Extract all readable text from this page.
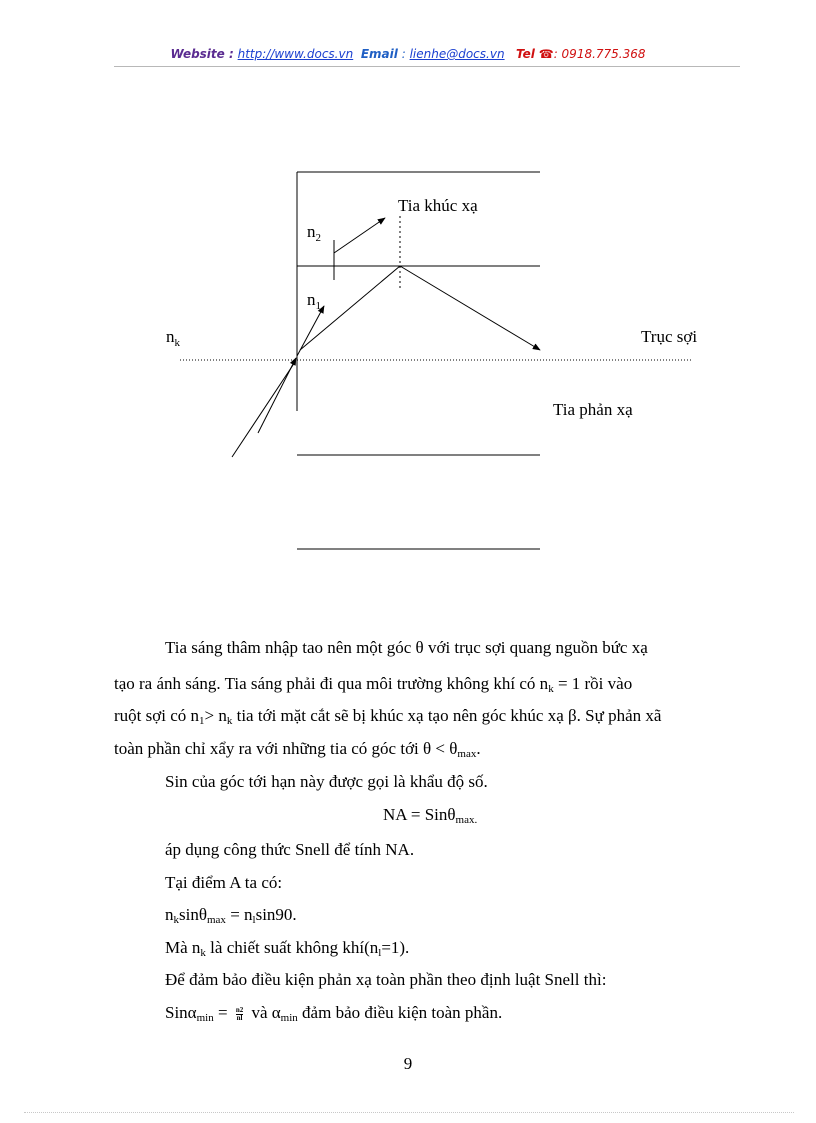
Website : http://www.docs.vn Email : lienhe@docs.vn Tel ☎: 0918.775.368
$n_2$
$n_1$
$n_k$
Tia khúc xạ
Trục sợi
Tia phản xạ
Tia sáng thâm nhập tao nên một góc θ với trục sợi quang nguồn bức xạ
tạo ra ánh sáng. Tia sáng phải đi qua môi trường không khí có $n_k = 1$ rồi vào
ruột sợi có $n_1> n_k$ tia tới mặt cắt sẽ bị khúc xạ tạo nên góc khúc xạ β. Sự phản xã
toàn phần chỉ xẩy ra với những tia có góc tới $\theta < \theta_{max}$.
Sin của góc tới hạn này được gọi là khẩu độ số.
NA = Sinθ$_{max.}$
áp dụng công thức Snell để tính NA.
Tại điểm A ta có:
$n_k\sin\theta_{max} = n_l\sin 90$.
Mà $n_k$ là chiết suất không $khí(n_l=1)$.
Để đảm bảo điều kiện phản xạ toàn phần theo định luật Snell thì:
$Sin\alpha_{min} = \frac{n2}{nl}$ và $\alpha_{min}$ đảm bảo điều kiện toàn phần.
9
